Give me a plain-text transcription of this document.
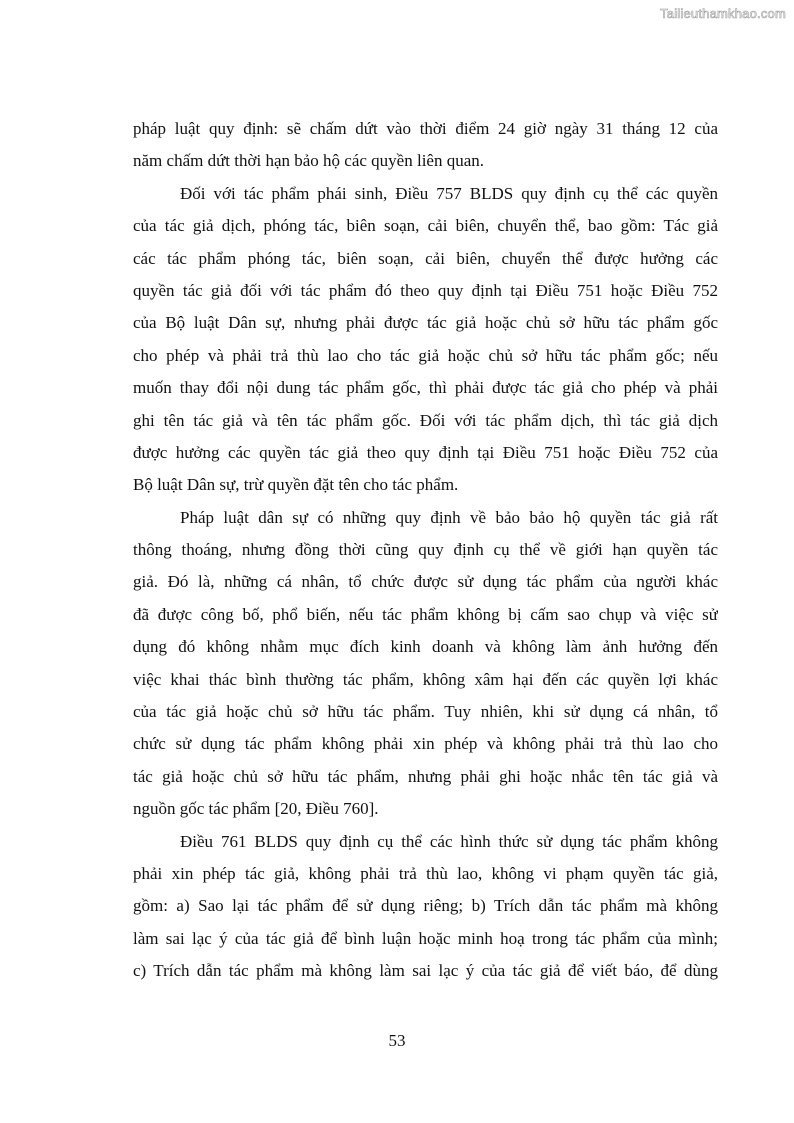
Tailieuthamkhao.com
pháp luật quy định: sẽ chấm dứt vào thời điểm 24 giờ ngày 31 tháng 12 của
năm chấm dứt thời hạn bảo hộ các quyền liên quan.
Đối với tác phẩm phái sinh, Điều 757 BLDS quy định cụ thể các quyền
của tác giả dịch, phóng tác, biên soạn, cải biên, chuyển thể, bao gồm: Tác giả
các tác phẩm phóng tác, biên soạn, cải biên, chuyển thể được hưởng các
quyền tác giả đối với tác phẩm đó theo quy định tại Điều 751 hoặc Điều 752
của Bộ luật Dân sự, nhưng phải được tác giả hoặc chủ sở hữu tác phẩm gốc
cho phép và phải trả thù lao cho tác giả hoặc chủ sở hữu tác phẩm gốc; nếu
muốn thay đổi nội dung tác phẩm gốc, thì phải được tác giả cho phép và phải
ghi tên tác giả và tên tác phẩm gốc. Đối với tác phẩm dịch, thì tác giả dịch
được hưởng các quyền tác giả theo quy định tại Điều 751 hoặc Điều 752 của
Bộ luật Dân sự, trừ quyền đặt tên cho tác phẩm.
Pháp luật dân sự có những quy định về bảo bảo hộ quyền tác giả rất
thông thoáng, nhưng đồng thời cũng quy định cụ thể về giới hạn quyền tác
giả. Đó là, những cá nhân, tổ chức được sử dụng tác phẩm của người khác
đã được công bố, phổ biến, nếu tác phẩm không bị cấm sao chụp và việc sử
dụng đó không nhằm mục đích kinh doanh và không làm ảnh hưởng đến
việc khai thác bình thường tác phẩm, không xâm hại đến các quyền lợi khác
của tác giả hoặc chủ sở hữu tác phẩm. Tuy nhiên, khi sử dụng cá nhân, tổ
chức sử dụng tác phẩm không phải xin phép và không phải trả thù lao cho
tác giả hoặc chủ sở hữu tác phẩm, nhưng phải ghi hoặc nhắc tên tác giả và
nguồn gốc tác phẩm [20, Điều 760].
Điều 761 BLDS quy định cụ thể các hình thức sử dụng tác phẩm không
phải xin phép tác giả, không phải trả thù lao, không vi phạm quyền tác giả,
gồm: a) Sao lại tác phẩm để sử dụng riêng; b) Trích dẫn tác phẩm mà không
làm sai lạc ý của tác giả để bình luận hoặc minh hoạ trong tác phẩm của mình;
c) Trích dẫn tác phẩm mà không làm sai lạc ý của tác giả để viết báo, để dùng
53
